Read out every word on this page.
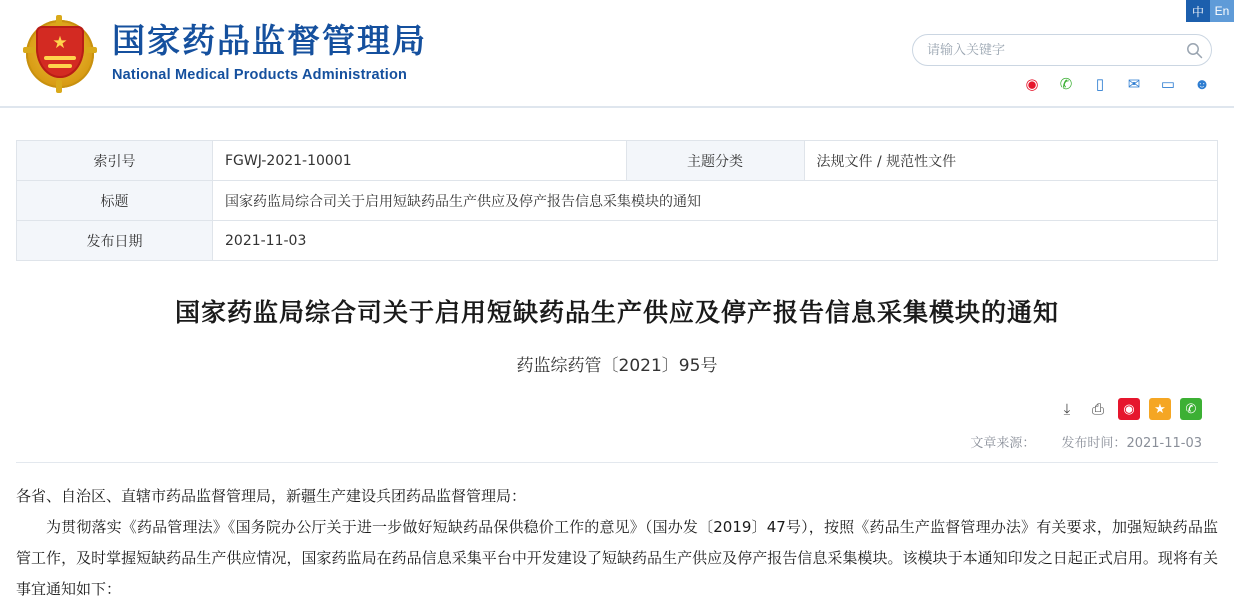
中 En
★ 国家药品监督管理局
National Medical Products Administration
请输入关键字
◉ ✆	▯	✉ ▭ ☻
索引号	FGWJ-2021-10001	主题分类	法规文件 / 规范性文件
标题	国家药监局综合司关于启用短缺药品生产供应及停产报告信息采集模块的通知		
发布日期	2021-11-03		
国家药监局综合司关于启用短缺药品生产供应及停产报告信息采集模块的通知
药监综药管〔2021〕95号
⤓	⎙	◉	★	✆
文章来源： 发布时间：2021-11-03

各省、自治区、直辖市药品监督管理局，新疆生产建设兵团药品监督管理局：

为贯彻落实《药品管理法》《国务院办公厅关于进一步做好短缺药品保供稳价工作的意见》（国办发〔2019〕47号），按照《药品生产监督管理办法》有关要求，加强短缺药品监管工作，及时掌握短缺药品生产供应情况，国家药监局在药品信息采集平台中开发建设了短缺药品生产供应及停产报告信息采集模块。该模块于本通知印发之日起正式启用。现将有关事宜通知如下：
